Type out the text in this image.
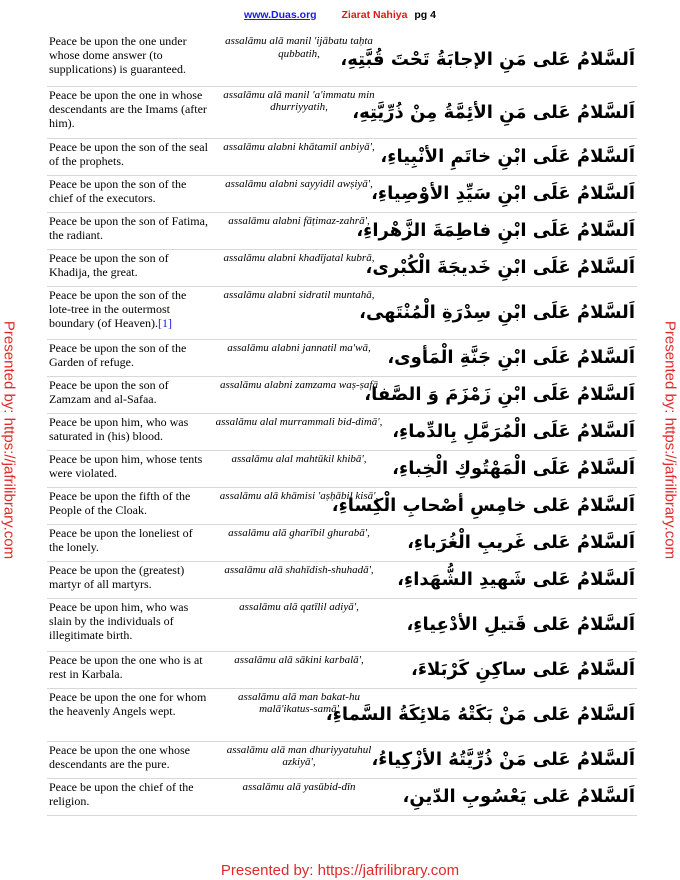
www.Duas.org Ziarat Nahiya pg 4
Presented by: https://jafrilibrary.com	Presented by: https://jafrilibrary.com
Peace be upon the one under whose dome answer (to supplications) is guaranteed.	assalāmu alā manil 'ijābatu taḥta qubbatih,	اَلسَّلامُ عَلى مَنِ الإجابَةُ تَحْتَ قُبَّتِهِ،
Peace be upon the one in whose descendants are the Imams (after him).	assalāmu alā manil 'a'immatu min dhurriyyatih,	اَلسَّلامُ عَلى مَنِ الأئِمَّةُ مِنْ ذُرِّيَّتِهِ،
Peace be upon the son of the seal of the prophets.	assalāmu alabni khātamil anbiyā',	اَلسَّلامُ عَلَى ابْنِ خاتَمِ الأنْبِياءِ،
Peace be upon the son of the chief of the executors.	assalāmu alabni sayyidil awṣiyā',	اَلسَّلامُ عَلَى ابْنِ سَيِّدِ الأوْصِياءِ،
Peace be upon the son of Fatima, the radiant.	assalāmu alabni fāṭimaz-zahrā',	اَلسَّلامُ عَلَى ابْنِ فاطِمَةَ الزَّهْراءِ،
Peace be upon the son of Khadija, the great.	assalāmu alabni khadījatal kubrā,	اَلسَّلامُ عَلَى ابْنِ خَديجَةَ الْكُبْرى،
Peace be upon the son of the lote-tree in the outermost boundary (of Heaven).[1]	assalāmu alabni sidratil muntahā,	اَلسَّلامُ عَلَى ابْنِ سِدْرَةِ الْمُنْتَهى،
Peace be upon the son of the Garden of refuge.	assalāmu alabni jannatil ma'wā,	اَلسَّلامُ عَلَى ابْنِ جَنَّةِ الْمَأوى،
Peace be upon the son of Zamzam and al-Safaa.	assalāmu alabni zamzama waṣ-ṣafā	اَلسَّلامُ عَلَى ابْنِ زَمْزَمَ وَ الصَّفا،
Peace be upon him, who was saturated in (his) blood.	assalāmu alal murrammali bid-dimā',	اَلسَّلامُ عَلَى الْمُرَمَّلِ بِالدِّماءِ،
Peace be upon him, whose tents were violated.	assalāmu alal mahtūkil khibā',	اَلسَّلامُ عَلَى الْمَهْتُوكِ الْخِباءِ،
Peace be upon the fifth of the People of the Cloak.	assalāmu alā khāmisi 'aṣḥābil kisā',	اَلسَّلامُ عَلى خامِسِ أصْحابِ الْكِساءِ،
Peace be upon the loneliest of the lonely.	assalāmu alā gharībil ghurabā',	اَلسَّلامُ عَلى غَريبِ الْغُرَباءِ،
Peace be upon the (greatest) martyr of all martyrs.	assalāmu alā shahīdish-shuhadā',	اَلسَّلامُ عَلى شَهيدِ الشُّهَداءِ،
Peace be upon him, who was slain by the individuals of illegitimate birth.	assalāmu alā qatīlil adiyā',	اَلسَّلامُ عَلى قَتيلِ الأدْعِياءِ،
Peace be upon the one who is at rest in Karbala.	assalāmu alā sākini karbalā',	اَلسَّلامُ عَلى ساكِنِ كَرْبَلاءَ،
Peace be upon the one for whom the heavenly Angels wept.	assalāmu alā man bakat-hu malā'ikatus-samā'	اَلسَّلامُ عَلى مَنْ بَكَتْهُ مَلائِكَةُ السَّماءِ،
Peace be upon the one whose descendants are the pure.	assalāmu alā man dhuriyyatuhul azkiyā',	اَلسَّلامُ عَلى مَنْ ذُرِّيَّتُهُ الأزْكِياءُ،
Peace be upon the chief of the religion.	assalāmu alā yasūbid-dīn	اَلسَّلامُ عَلى يَعْسُوبِ الدّينِ،
Presented by: https://jafrilibrary.com
